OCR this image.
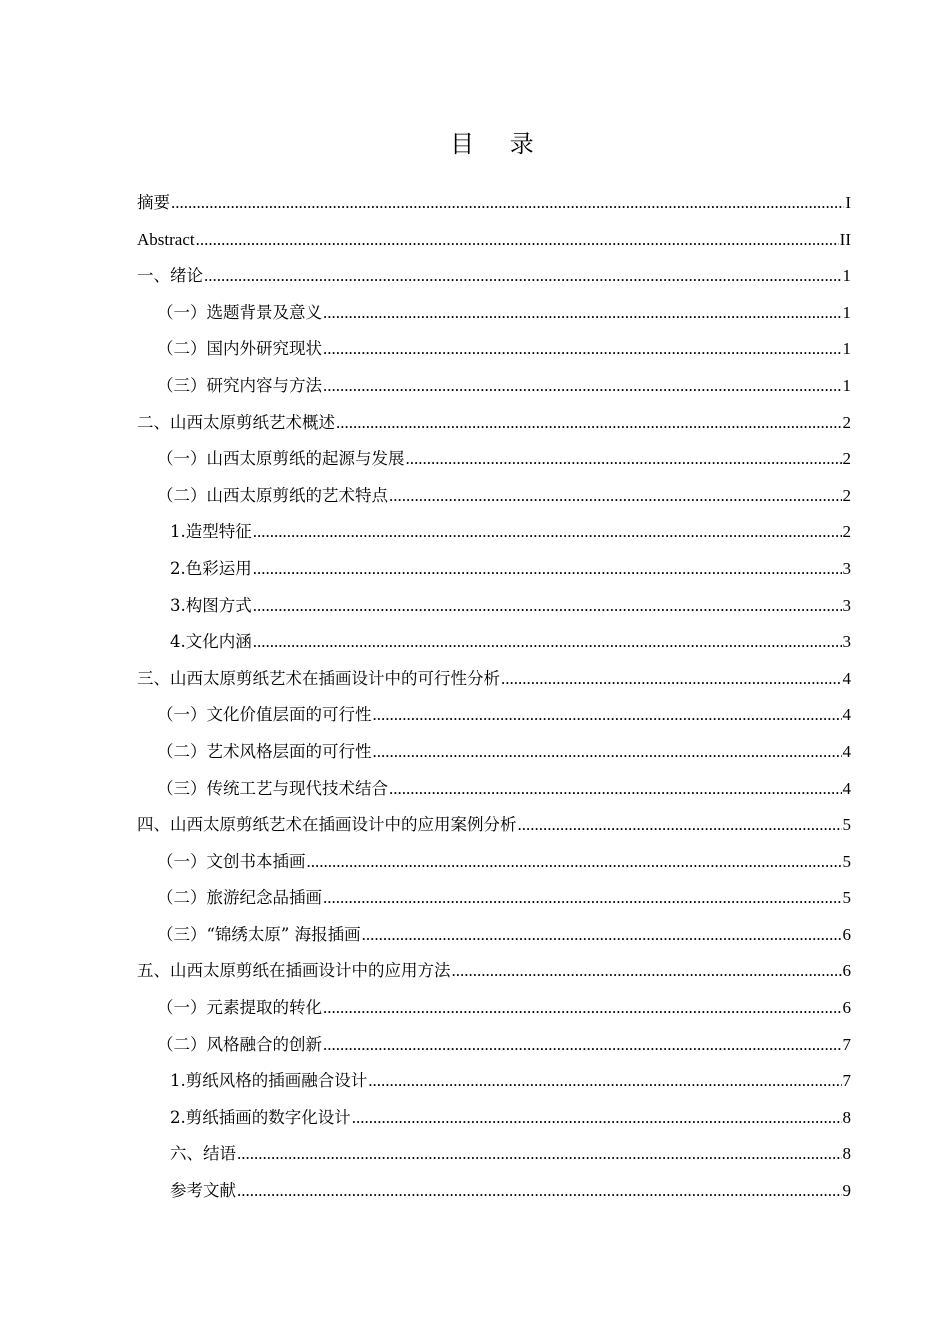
目 录
摘要 .....	I
Abstract .....	II
一、绪论 .....	1
（一）选题背景及意义 .....	1
（二）国内外研究现状 .....	1
（三）研究内容与方法 .....	1
二、山西太原剪纸艺术概述 .....	2
（一）山西太原剪纸的起源与发展 .....	2
（二）山西太原剪纸的艺术特点 .....	2
1.造型特征 .....	2
2.色彩运用 .....	3
3.构图方式 .....	3
4.文化内涵 .....	3
三、山西太原剪纸艺术在插画设计中的可行性分析 .....	4
（一）文化价值层面的可行性 .....	4
（二）艺术风格层面的可行性 .....	4
（三）传统工艺与现代技术结合 .....	4
四、山西太原剪纸艺术在插画设计中的应用案例分析 .....	5
（一）文创书本插画 .....	5
（二）旅游纪念品插画 .....	5
（三）“锦绣太原” 海报插画 .....	6
五、山西太原剪纸在插画设计中的应用方法 .....	6
（一）元素提取的转化 .....	6
（二）风格融合的创新 .....	7
1.剪纸风格的插画融合设计 .....	7
2.剪纸插画的数字化设计 .....	8
六、结语 .....	8
参考文献 .....	9
